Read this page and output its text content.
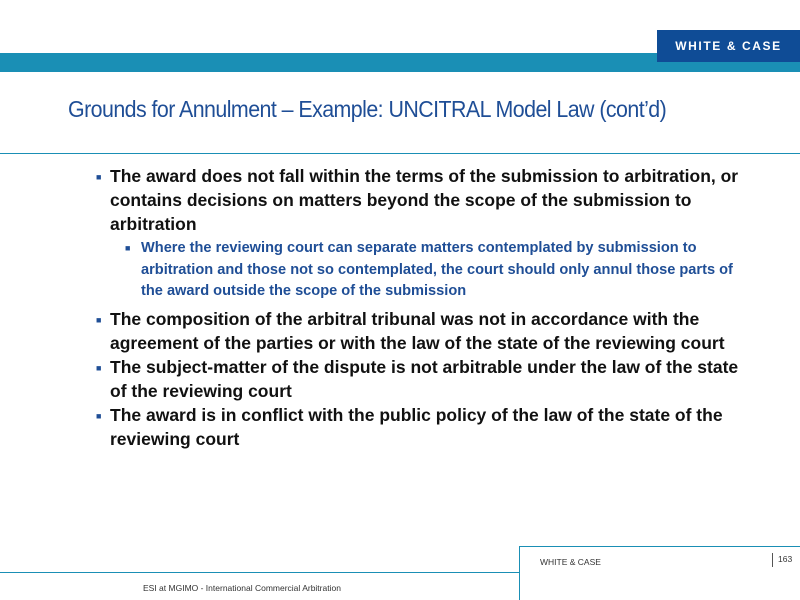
WHITE & CASE
Grounds for Annulment – Example: UNCITRAL Model Law (cont’d)
■ The award does not fall within the terms of the submission to arbitration, or contains decisions on matters beyond the scope of the submission to arbitration
■ Where the reviewing court can separate matters contemplated by submission to arbitration and those not so contemplated, the court should only annul those parts of the award outside the scope of the submission
■ The composition of the arbitral tribunal was not in accordance with the agreement of the parties or with the law of the state of the reviewing court
■ The subject-matter of the dispute is not arbitrable under the law of the state of the reviewing court
■ The award is in conflict with the public policy of the law of the state of the reviewing court
WHITE & CASE	163
ESI at MGIMO - International Commercial Arbitration
